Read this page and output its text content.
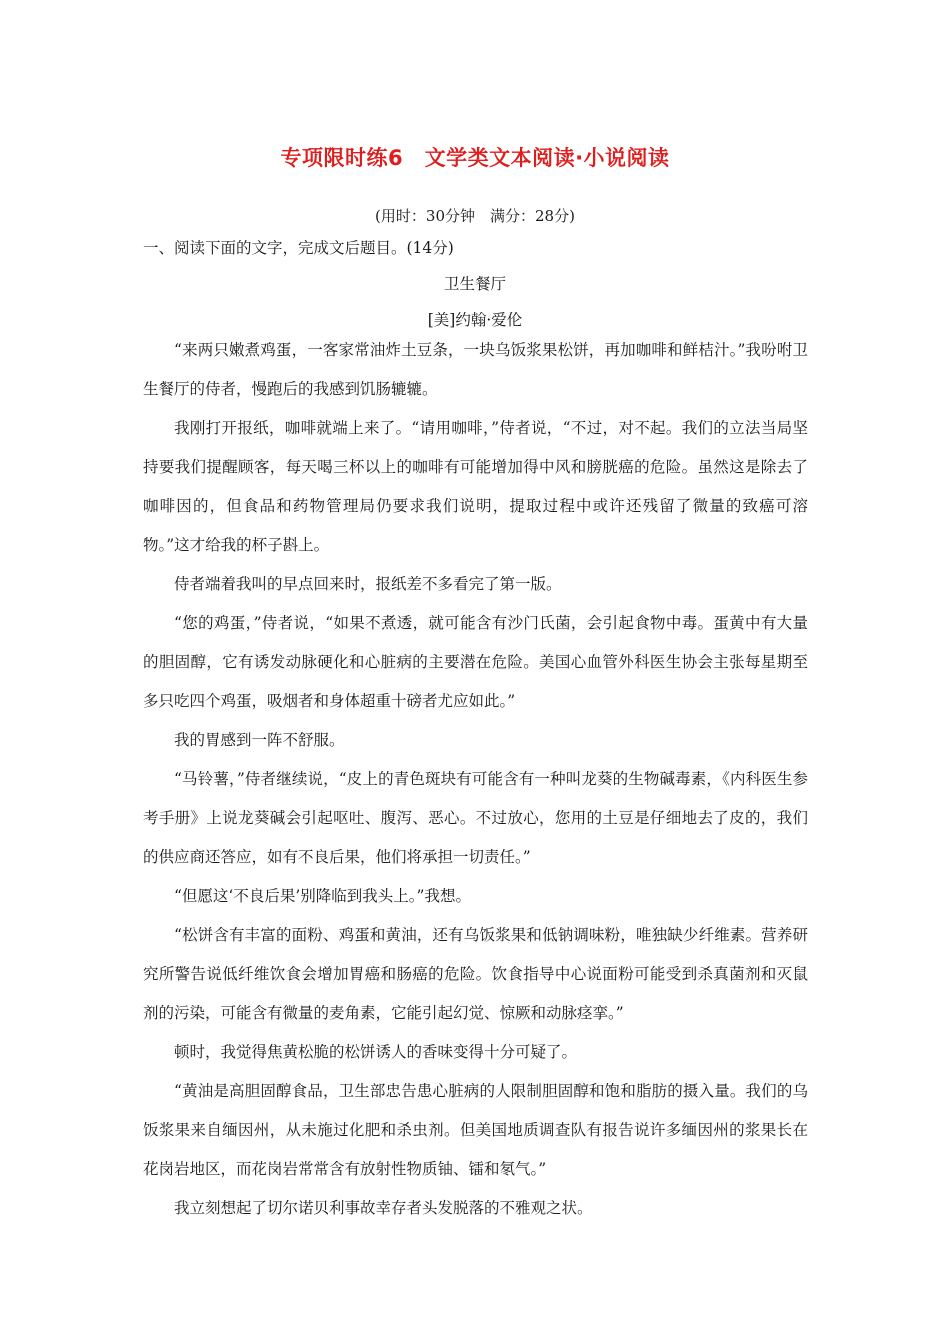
专项限时练6　文学类文本阅读·小说阅读
(用时：30分钟　满分：28分)
一、阅读下面的文字，完成文后题目。(14分)
卫生餐厅
[美]约翰·爱伦

“来两只嫩煮鸡蛋，一客家常油炸土豆条，一块乌饭浆果松饼，再加咖啡和鲜桔汁。”我吩咐卫生餐厅的侍者，慢跑后的我感到饥肠辘辘。

我刚打开报纸，咖啡就端上来了。“请用咖啡，”侍者说，“不过，对不起。我们的立法当局坚持要我们提醒顾客，每天喝三杯以上的咖啡有可能增加得中风和膀胱癌的危险。虽然这是除去了咖啡因的，但食品和药物管理局仍要求我们说明，提取过程中或许还残留了微量的致癌可溶物。”这才给我的杯子斟上。

侍者端着我叫的早点回来时，报纸差不多看完了第一版。

“您的鸡蛋，”侍者说，“如果不煮透，就可能含有沙门氏菌，会引起食物中毒。蛋黄中有大量的胆固醇，它有诱发动脉硬化和心脏病的主要潜在危险。美国心血管外科医生协会主张每星期至多只吃四个鸡蛋，吸烟者和身体超重十磅者尤应如此。”

我的胃感到一阵不舒服。

“马铃薯，”侍者继续说，“皮上的青色斑块有可能含有一种叫龙葵的生物碱毒素，《内科医生参考手册》上说龙葵碱会引起呕吐、腹泻、恶心。不过放心，您用的土豆是仔细地去了皮的，我们的供应商还答应，如有不良后果，他们将承担一切责任。”

“但愿这‘不良后果’别降临到我头上。”我想。

“松饼含有丰富的面粉、鸡蛋和黄油，还有乌饭浆果和低钠调味粉，唯独缺少纤维素。营养研究所警告说低纤维饮食会增加胃癌和肠癌的危险。饮食指导中心说面粉可能受到杀真菌剂和灭鼠剂的污染，可能含有微量的麦角素，它能引起幻觉、惊厥和动脉痉挛。”

顿时，我觉得焦黄松脆的松饼诱人的香味变得十分可疑了。

“黄油是高胆固醇食品，卫生部忠告患心脏病的人限制胆固醇和饱和脂肪的摄入量。我们的乌饭浆果来自缅因州，从未施过化肥和杀虫剂。但美国地质调查队有报告说许多缅因州的浆果长在花岗岩地区，而花岗岩常常含有放射性物质铀、镭和氡气。”

我立刻想起了切尔诺贝利事故幸存者头发脱落的不雅观之状。
